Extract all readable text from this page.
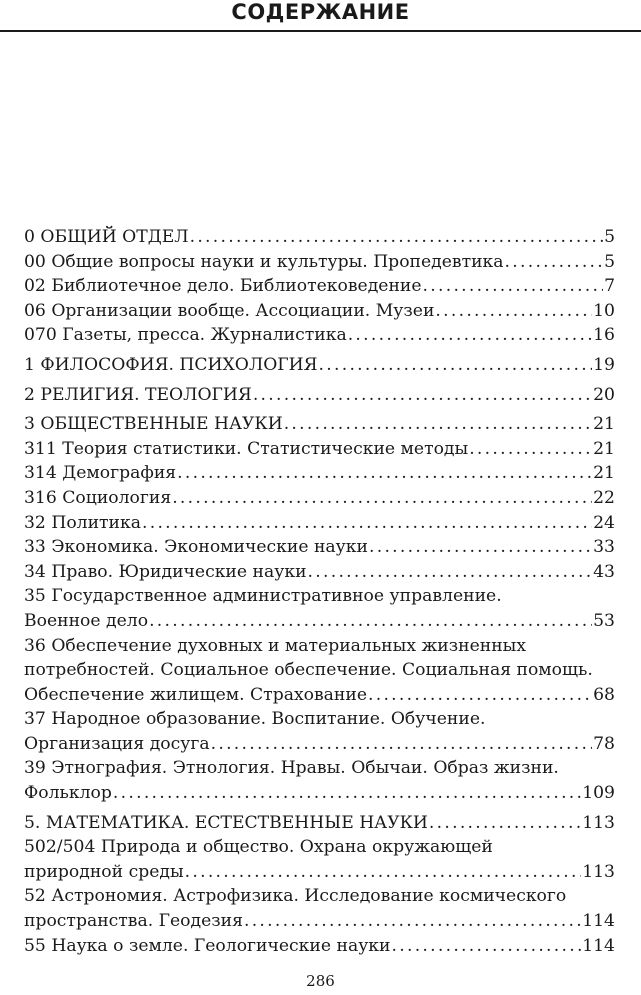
СОДЕРЖАНИЕ
0 ОБЩИЙ ОТДЕЛ . . .	5
00 Общие вопросы науки и культуры. Пропедевтика . . .	5
02 Библиотечное дело. Библиотековедение . . .	7
06 Организации вообще. Ассоциации. Музеи . . .	10
070 Газеты, пресса. Журналистика . . .	16
1 ФИЛОСОФИЯ. ПСИХОЛОГИЯ . . .	19
2 РЕЛИГИЯ. ТЕОЛОГИЯ . . .	20
3 ОБЩЕСТВЕННЫЕ НАУКИ . . .	21
311 Теория статистики. Статистические методы . . .	21
314 Демография . . .	21
316 Социология . . .	22
32 Политика . . .	24
33 Экономика. Экономические науки . . .	33
34 Право. Юридические науки . . .	43
35 Государственное административное управление.
Военное дело . . .	53
36 Обеспечение духовных и материальных жизненных
потребностей. Социальное обеспечение. Социальная помощь.
Обеспечение жилищем. Страхование . . .	68
37 Народное образование. Воспитание. Обучение.
Организация досуга . . .	78
39 Этнография. Этнология. Нравы. Обычаи. Образ жизни.
Фольклор . . .	109
5. МАТЕМАТИКА. ЕСТЕСТВЕННЫЕ НАУКИ . . .	113
502/504 Природа и общество. Охрана окружающей
природной среды . . .	113
52 Астрономия. Астрофизика. Исследование космического
пространства. Геодезия . . .	114
55 Наука о земле. Геологические науки . . .	114
286
